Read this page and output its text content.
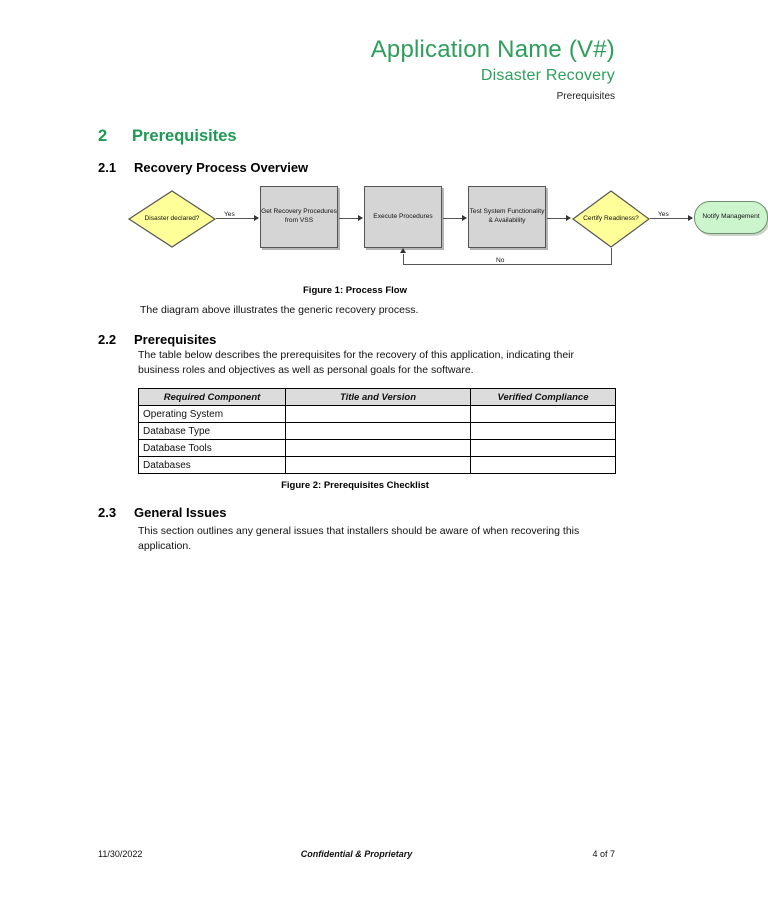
Application Name (V#)
Disaster Recovery
Prerequisites
2 Prerequisites
2.1 Recovery Process Overview
Disaster declared?
Yes	Get Recovery Procedures from VSS
Execute Procedures
Test System Functionality & Availability	Certify Readiness?
Yes	Notify Management
No
Figure 1: Process Flow
The diagram above illustrates the generic recovery process.
2.2 Prerequisites
The table below describes the prerequisites for the recovery of this application, indicating their business roles and objectives as well as personal goals for the software.
Required Component	Title and Version	Verified Compliance
Operating System		
Database Type		
Database Tools		
Databases		
Figure 2: Prerequisites Checklist
2.3 General Issues
This section outlines any general issues that installers should be aware of when recovering this application.
11/30/2022	Confidential & Proprietary	4 of 7
